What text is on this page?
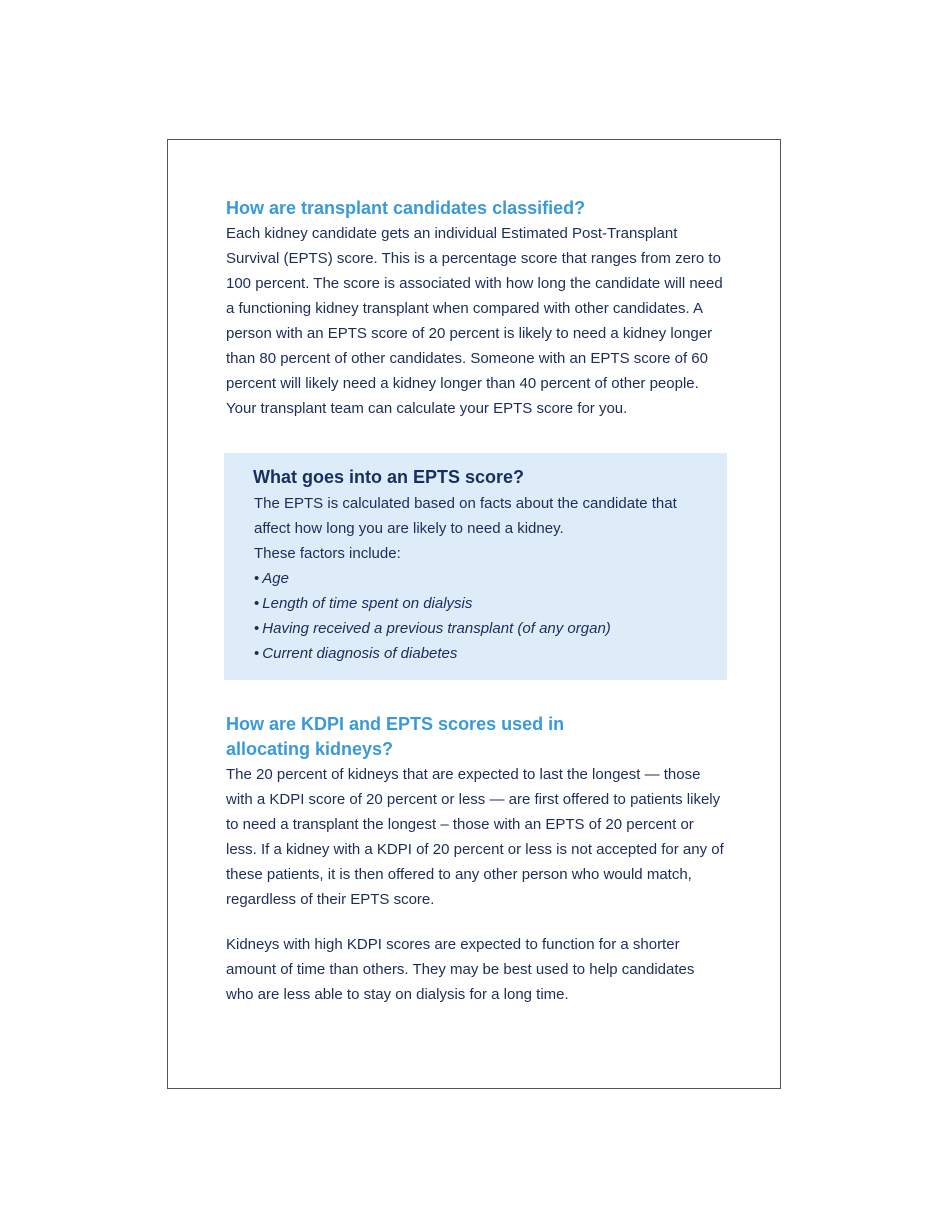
How are transplant candidates classified?

Each kidney candidate gets an individual Estimated Post-Transplant Survival (EPTS) score. This is a percentage score that ranges from zero to 100 percent. The score is associated with how long the candidate will need a functioning kidney transplant when compared with other candidates. A person with an EPTS score of 20 percent is likely to need a kidney longer than 80 percent of other candidates. Someone with an EPTS score of 60 percent will likely need a kidney longer than 40 percent of other people. Your transplant team can calculate your EPTS score for you.

What goes into an EPTS score?

The EPTS is calculated based on facts about the candidate that affect how long you are likely to need a kidney.

These factors include:

• Age
• Length of time spent on dialysis
• Having received a previous transplant (of any organ)
• Current diagnosis of diabetes
How are KDPI and EPTS scores used in
allocating kidneys?

The 20 percent of kidneys that are expected to last the longest — those with a KDPI score of 20 percent or less — are first offered to patients likely to need a transplant the longest – those with an EPTS of 20 percent or less. If a kidney with a KDPI of 20 percent or less is not accepted for any of these patients, it is then offered to any other person who would match, regardless of their EPTS score.

Kidneys with high KDPI scores are expected to function for a shorter amount of time than others. They may be best used to help candidates who are less able to stay on dialysis for a long time.
